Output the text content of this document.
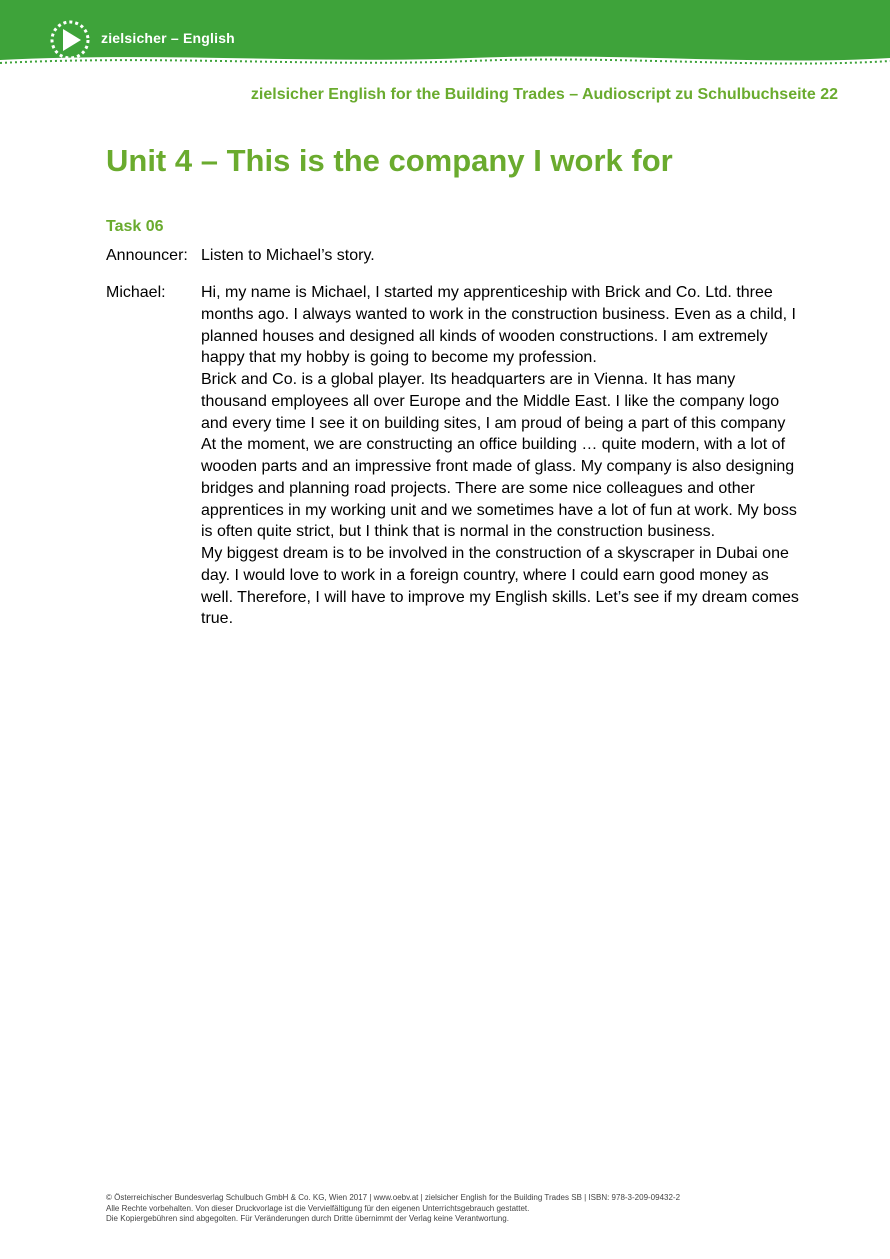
zielsicher – English
zielsicher English for the Building Trades – Audioscript zu Schulbuchseite 22
Unit 4 – This is the company I work for
Task 06
Announcer: Listen to Michael’s story.

Michael: Hi, my name is Michael, I started my apprenticeship with Brick and Co. Ltd. three months ago. I always wanted to work in the construction business. Even as a child, I planned houses and designed all kinds of wooden constructions. I am extremely happy that my hobby is going to become my profession.

Brick and Co. is a global player. Its headquarters are in Vienna. It has many thousand employees all over Europe and the Middle East. I like the company logo and every time I see it on building sites, I am proud of being a part of this company

At the moment, we are constructing an office building … quite modern, with a lot of wooden parts and an impressive front made of glass. My company is also designing bridges and planning road projects. There are some nice colleagues and other apprentices in my working unit and we sometimes have a lot of fun at work. My boss is often quite strict, but I think that is normal in the construction business.

My biggest dream is to be involved in the construction of a skyscraper in Dubai one day. I would love to work in a foreign country, where I could earn good money as well. Therefore, I will have to improve my English skills. Let’s see if my dream comes true.

© Österreichischer Bundesverlag Schulbuch GmbH & Co. KG, Wien 2017 | www.oebv.at | zielsicher English for the Building Trades SB | ISBN: 978-3-209-09432-2
Alle Rechte vorbehalten. Von dieser Druckvorlage ist die Vervielfältigung für den eigenen Unterrichtsgebrauch gestattet.
Die Kopiergebühren sind abgegolten. Für Veränderungen durch Dritte übernimmt der Verlag keine Verantwortung.
